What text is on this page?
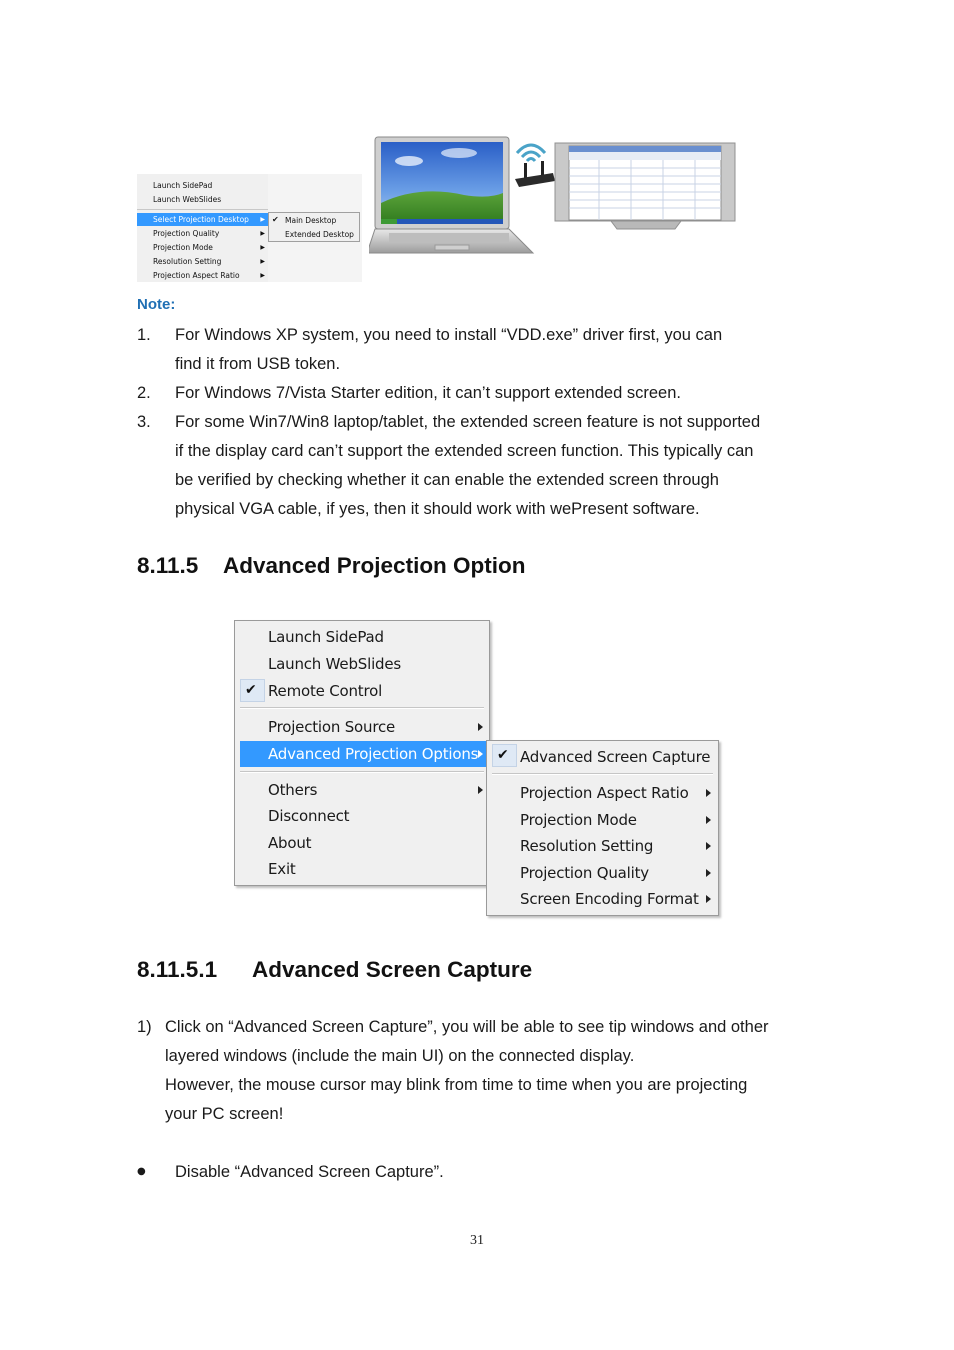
Launch SidePad
Launch WebSlides
Select Projection Desktop ▶
Projection Quality	▶
Projection Mode	▶
Resolution Setting	▶
Projection Aspect Ratio	▶
✔ Main Desktop
Extended Desktop
Note:
1. For Windows XP system, you need to install “VDD.exe” driver first, you can
find it from USB token.
2. For Windows 7/Vista Starter edition, it can’t support extended screen.
3. For some Win7/Win8 laptop/tablet, the extended screen feature is not supported
if the display card can’t support the extended screen function. This typically can
be verified by checking whether it can enable the extended screen through
physical VGA cable, if yes, then it should work with wePresent software.
8.11.5 Advanced Projection Option
Launch SidePad
Launch WebSlides
✔ Remote Control
Projection Source
Advanced Projection Options
Others
Disconnect
About
Exit
✔ Advanced Screen Capture
Projection Aspect Ratio
Projection Mode
Resolution Setting
Projection Quality
Screen Encoding Format
8.11.5.1 Advanced Screen Capture
1) Click on “Advanced Screen Capture”, you will be able to see tip windows and other
layered windows (include the main UI) on the connected display.
However, the mouse cursor may blink from time to time when you are projecting
your PC screen!
● Disable “Advanced Screen Capture”.
31
